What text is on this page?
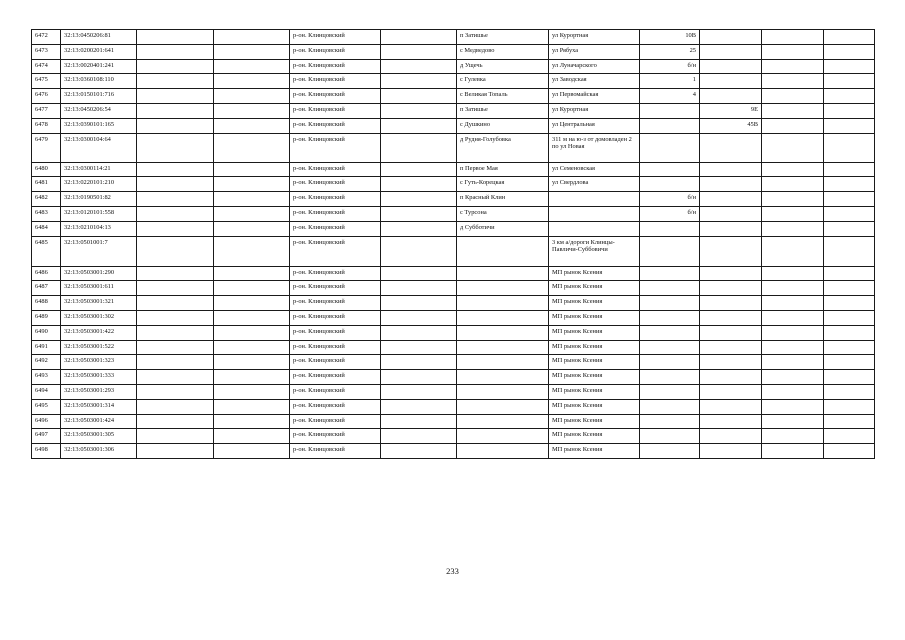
6472	32:13:0450206:81			р-он. Клинцовский		п Затишье	ул Курортная	10В			
6473	32:13:0200201:641			р-он. Клинцовский		с Медведово	ул Рябуха	25			
6474	32:13:0020401:241			р-он. Клинцовский		д Ущечь	ул Луначарского	б/н			
6475	32:13:0360108:110			р-он. Клинцовский		с Гулевка	ул Заводская	1			
6476	32:13:0150101:716			р-он. Клинцовский		с Великая Топаль	ул Первомайская	4			
6477	32:13:0450206:54			р-он. Клинцовский		п Затишье	ул Курортная		9Е		
6478	32:13:0390101:165			р-он. Клинцовский		с Душкино	ул Центральная		45В		
6479	32:13:0300104:64			р-он. Клинцовский		д Рудня-Голубовка	311 м на ю-з от домовладен 2 по ул Новая				
6480	32:13:0300114:21			р-он. Клинцовский		п Первое Мая	ул Семеновская				
6481	32:13:0220101:210			р-он. Клинцовский		с Гуть-Корецкая	ул Свердлова				
6482	32:13:0190501:82			р-он. Клинцовский		п Красный Клин		б/н			
6483	32:13:0120101:558			р-он. Клинцовский		с Турсона		б/н			
6484	32:13:0210104:13			р-он. Клинцовский		д Субботичи					
6485	32:13:0501001:7			р-он. Клинцовский			3 км а/дороги Клинцы-Павличи-Суббовичи				
6486	32:13:0503001:290			р-он. Клинцовский			МП рынок Ксения				
6487	32:13:0503001:611			р-он. Клинцовский			МП рынок Ксения				
6488	32:13:0503001:321			р-он. Клинцовский			МП рынок Ксения				
6489	32:13:0503001:302			р-он. Клинцовский			МП рынок Ксения				
6490	32:13:0503001:422			р-он. Клинцовский			МП рынок Ксения				
6491	32:13:0503001:522			р-он. Клинцовский			МП рынок Ксения				
6492	32:13:0503001:323			р-он. Клинцовский			МП рынок Ксения				
6493	32:13:0503001:333			р-он. Клинцовский			МП рынок Ксения				
6494	32:13:0503001:293			р-он. Клинцовский			МП рынок Ксения				
6495	32:13:0503001:314			р-он. Клинцовский			МП рынок Ксения				
6496	32:13:0503001:424			р-он. Клинцовский			МП рынок Ксения				
6497	32:13:0503001:305			р-он. Клинцовский			МП рынок Ксения				
6498	32:13:0503001:306			р-он. Клинцовский			МП рынок Ксения				
233
